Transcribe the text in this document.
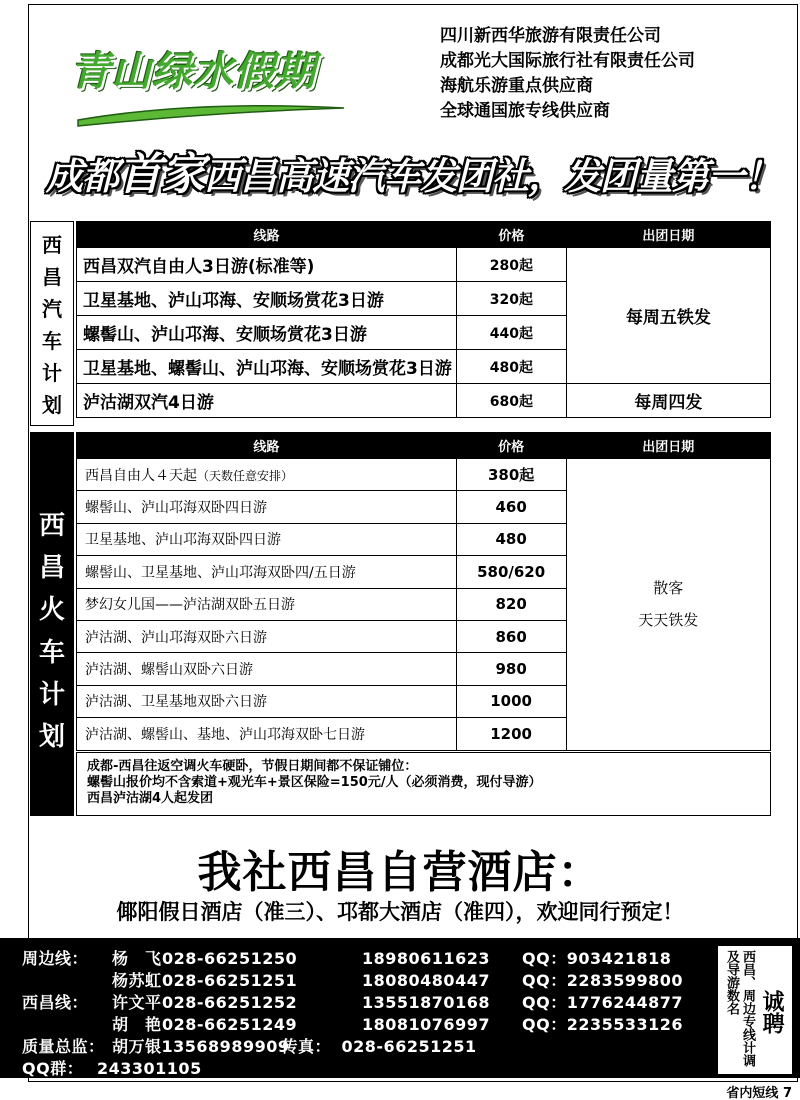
青山绿水假期
四川新西华旅游有限责任公司
成都光大国际旅行社有限责任公司
海航乐游重点供应商
全球通国旅专线供应商
成都首家西昌高速汽车发团社，发团量第一！
西
昌
汽
车
计
划
线路	价格	出团日期
西昌双汽自由人3日游(标准等)	280起	每周五铁发
卫星基地、泸山邛海、安顺场赏花3日游	320起	
螺髻山、泸山邛海、安顺场赏花3日游	440起	
卫星基地、螺髻山、泸山邛海、安顺场赏花3日游	480起	
泸沽湖双汽4日游	680起	每周四发
西
昌
火
车
计
划
线路	价格	出团日期
西昌自由人４天起（天数任意安排）	380起	散客
天天铁发

螺髻山、泸山邛海双卧四日游	460	
卫星基地、泸山邛海双卧四日游	480	
螺髻山、卫星基地、泸山邛海双卧四/五日游	580/620	
梦幻女儿国——泸沽湖双卧五日游	820	
泸沽湖、泸山邛海双卧六日游	860	
泸沽湖、螺髻山双卧六日游	980	
泸沽湖、卫星基地双卧六日游	1000	
泸沽湖、螺髻山、基地、泸山邛海双卧七日游	1200	
成都-西昌往返空调火车硬卧，节假日期间都不保证铺位：
螺髻山报价均不含索道+观光车+景区保险=150元/人（必须消费，现付导游）
西昌泸沽湖4人起发团
我社西昌自营酒店：
倻阳假日酒店（准三）、邛都大酒店（准四），欢迎同行预定！
周边线： 杨　飞028-66251250	18980611623 QQ：903421818
杨苏虹028-66251251	18080480447 QQ：2283599800
西昌线： 许文平028-66251252	13551870168 QQ：1776244877
胡　艳028-66251249	18081076997 QQ：2235533126
质量总监： 胡万银13568989909传真： 028-66251251
QQ群： 243301105
西昌、周边专线计调
及导游数名 诚聘
省内短线 7
